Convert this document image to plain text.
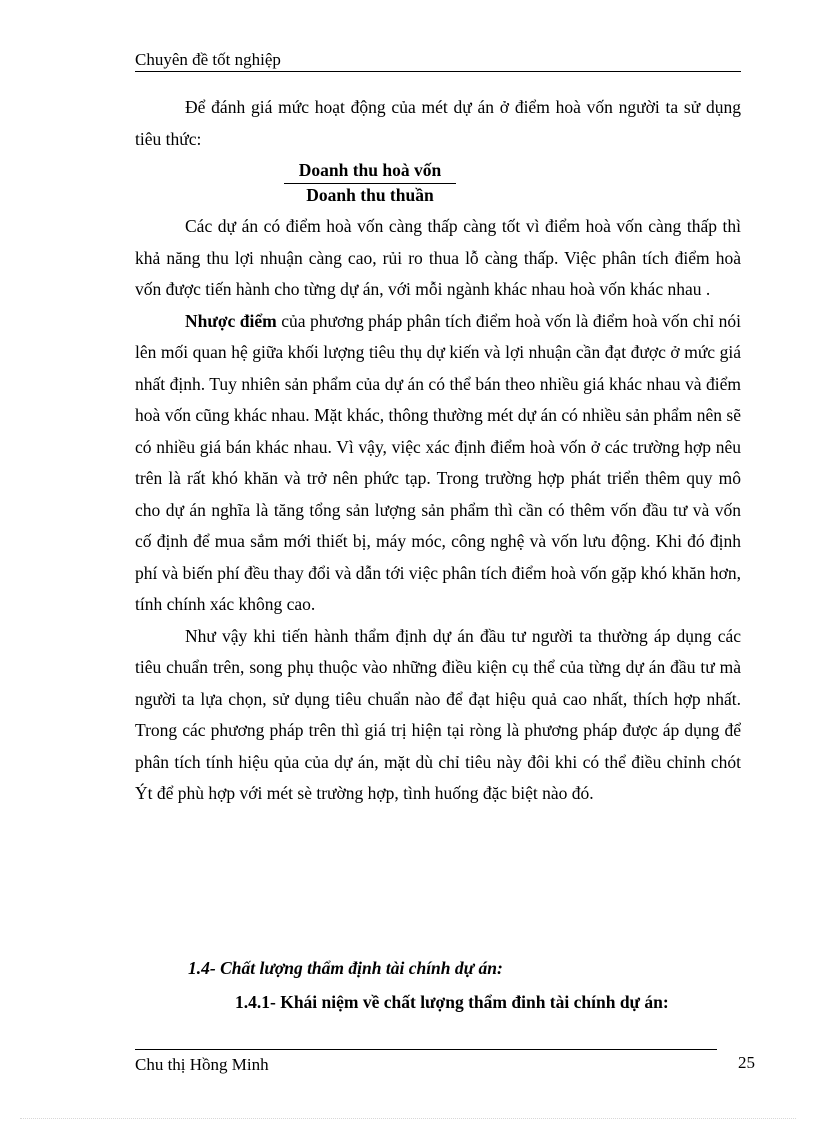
Chuyên đề tốt nghiệp

Để đánh giá mức hoạt động của mét dự án ở điểm hoà vốn người ta sử dụng tiêu thức:

Doanh thu hoà vốn
Doanh thu thuần

Các dự án có điểm hoà vốn càng thấp càng tốt vì điểm hoà vốn càng thấp thì khả năng thu lợi nhuận càng cao, rủi ro thua lỗ càng thấp. Việc phân tích điểm hoà vốn được tiến hành cho từng dự án, với mỗi ngành khác nhau hoà vốn khác nhau .

Nhược điểm của phương pháp phân tích điểm hoà vốn là điểm hoà vốn chỉ nói lên mối quan hệ giữa khối lượng tiêu thụ dự kiến và lợi nhuận cần đạt được ở mức giá nhất định. Tuy nhiên sản phẩm của dự án có thể bán theo nhiều giá khác nhau và điểm hoà vốn cũng khác nhau. Mặt khác, thông thường mét dự án có nhiều sản phẩm nên sẽ có nhiều giá bán khác nhau. Vì vậy, việc xác định điểm hoà vốn ở các trường hợp nêu trên là rất khó khăn và trở nên phức tạp. Trong trường hợp phát triển thêm quy mô cho dự án nghĩa là tăng tổng sản lượng sản phẩm thì cần có thêm vốn đầu tư và vốn cố định để mua sắm mới thiết bị, máy móc, công nghệ và vốn lưu động. Khi đó định phí và biến phí đều thay đổi và dẫn tới việc phân tích điểm hoà vốn gặp khó khăn hơn, tính chính xác không cao.

Như vậy khi tiến hành thẩm định dự án đầu tư người ta thường áp dụng các tiêu chuẩn trên, song phụ thuộc vào những điều kiện cụ thể của từng dự án đầu tư mà người ta lựa chọn, sử dụng tiêu chuẩn nào để đạt hiệu quả cao nhất, thích hợp nhất. Trong các phương pháp trên thì giá trị hiện tại ròng là phương pháp được áp dụng để phân tích tính hiệu qủa của dự án, mặt dù chỉ tiêu này đôi khi có thể điều chỉnh chót Ýt để phù hợp với mét sè trường hợp, tình huống đặc biệt nào đó.

1.4- Chất lượng thẩm định tài chính dự án:
1.4.1- Khái niệm về chất lượng thẩm đinh tài chính dự án:
Chu thị Hồng Minh	25
